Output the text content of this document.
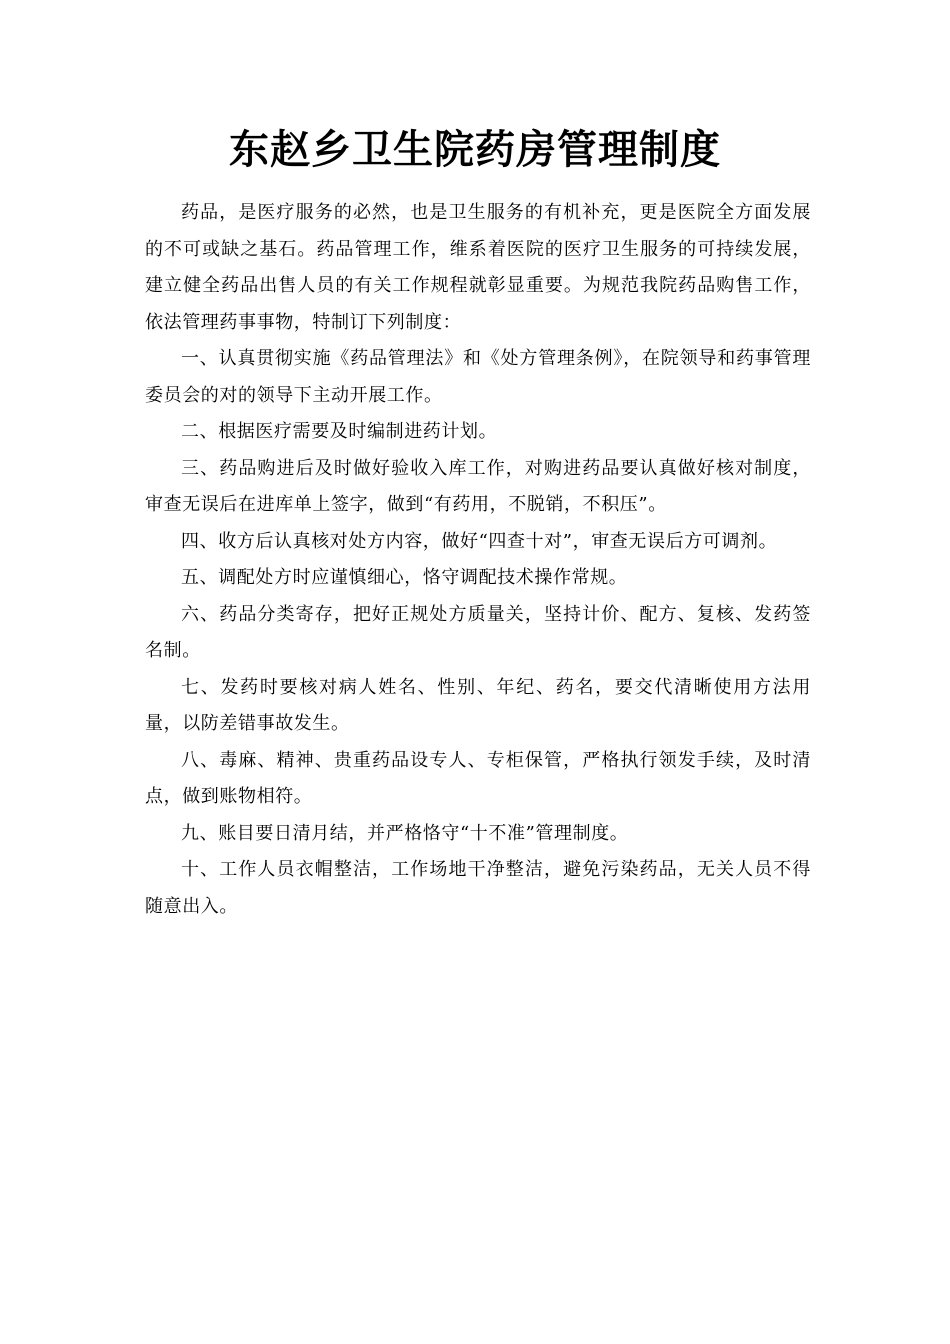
东赵乡卫生院药房管理制度

药品，是医疗服务的必然，也是卫生服务的有机补充，更是医院全方面发展的不可或缺之基石。药品管理工作，维系着医院的医疗卫生服务的可持续发展，建立健全药品出售人员的有关工作规程就彰显重要。为规范我院药品购售工作，依法管理药事事物，特制订下列制度：

一、认真贯彻实施《药品管理法》和《处方管理条例》，在院领导和药事管理委员会的对的领导下主动开展工作。

二、根据医疗需要及时编制进药计划。

三、药品购进后及时做好验收入库工作，对购进药品要认真做好核对制度，审查无误后在进库单上签字，做到“有药用，不脱销，不积压”。

四、收方后认真核对处方内容，做好“四查十对”，审查无误后方可调剂。

五、调配处方时应谨慎细心，恪守调配技术操作常规。

六、药品分类寄存，把好正规处方质量关，坚持计价、配方、复核、发药签名制。

七、发药时要核对病人姓名、性别、年纪、药名，要交代清晰使用方法用量，以防差错事故发生。

八、毒麻、精神、贵重药品设专人、专柜保管，严格执行领发手续，及时清点，做到账物相符。

九、账目要日清月结，并严格恪守“十不准”管理制度。

十、工作人员衣帽整洁，工作场地干净整洁，避免污染药品，无关人员不得随意出入。
